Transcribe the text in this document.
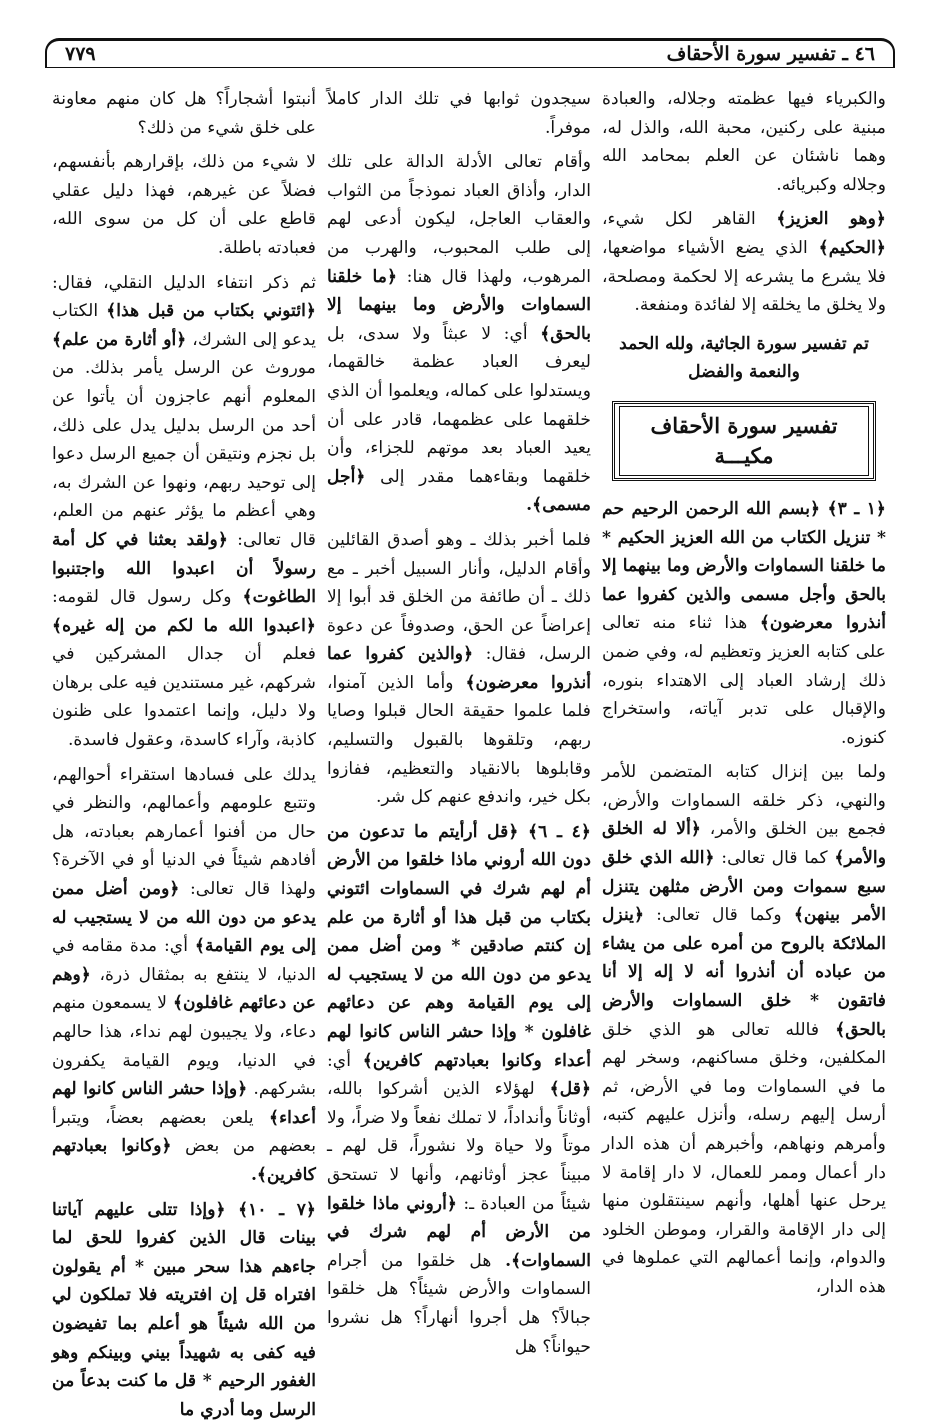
٤٦ ـ تفسير سورة الأحقاف
٧٧٩

والكبرياء فيها عظمته وجلاله، والعبادة مبنية على ركنين، محبة الله، والذل له، وهما ناشئان عن العلم بمحامد الله وجلاله وكبريائه.

﴿وهو العزيز﴾ القاهر لكل شيء، ﴿الحكيم﴾ الذي يضع الأشياء مواضعها، فلا يشرع ما يشرعه إلا لحكمة ومصلحة، ولا يخلق ما يخلقه إلا لفائدة ومنفعة.

تم تفسير سورة الجاثية، ولله الحمد والنعمة والفضل
تفسير سورة الأحقاف
مكيـــة

﴿١ ـ ٣﴾ ﴿بسم الله الرحمن الرحيم حم * تنزيل الكتاب من الله العزيز الحكيم * ما خلقنا السماوات والأرض وما بينهما إلا بالحق وأجل مسمى والذين كفروا عما أنذروا معرضون﴾ هذا ثناء منه تعالى على كتابه العزيز وتعظيم له، وفي ضمن ذلك إرشاد العباد إلى الاهتداء بنوره، والإقبال على تدبر آياته، واستخراج كنوزه.

ولما بين إنزال كتابه المتضمن للأمر والنهي، ذكر خلقه السماوات والأرض، فجمع بين الخلق والأمر، ﴿ألا له الخلق والأمر﴾ كما قال تعالى: ﴿الله الذي خلق سبع سموات ومن الأرض مثلهن يتنزل الأمر بينهن﴾ وكما قال تعالى: ﴿ينزل الملائكة بالروح من أمره على من يشاء من عباده أن أنذروا أنه لا إله إلا أنا فاتقون * خلق السماوات والأرض بالحق﴾ فالله تعالى هو الذي خلق المكلفين، وخلق مساكنهم، وسخر لهم ما في السماوات وما في الأرض، ثم أرسل إليهم رسله، وأنزل عليهم كتبه، وأمرهم ونهاهم، وأخبرهم أن هذه الدار دار أعمال وممر للعمال، لا دار إقامة لا يرحل عنها أهلها، وأنهم سينتقلون منها إلى دار الإقامة والقرار، وموطن الخلود والدوام، وإنما أعمالهم التي عملوها في هذه الدار،

سيجدون ثوابها في تلك الدار كاملاً موفراً.

وأقام تعالى الأدلة الدالة على تلك الدار، وأذاق العباد نموذجاً من الثواب والعقاب العاجل، ليكون أدعى لهم إلى طلب المحبوب، والهرب من المرهوب، ولهذا قال هنا: ﴿ما خلقنا السماوات والأرض وما بينهما إلا بالحق﴾ أي: لا عبثاً ولا سدى، بل ليعرف العباد عظمة خالقهما، ويستدلوا على كماله، ويعلموا أن الذي خلقهما على عظمهما، قادر على أن يعيد العباد بعد موتهم للجزاء، وأن خلقهما وبقاءهما مقدر إلى ﴿أجل مسمى﴾.

فلما أخبر بذلك ـ وهو أصدق القائلين وأقام الدليل، وأنار السبيل أخبر ـ مع ذلك ـ أن طائفة من الخلق قد أبوا إلا إعراضاً عن الحق، وصدوفاً عن دعوة الرسل، فقال: ﴿والذين كفروا عما أنذروا معرضون﴾ وأما الذين آمنوا، فلما علموا حقيقة الحال قبلوا وصايا ربهم، وتلقوها بالقبول والتسليم، وقابلوها بالانقياد والتعظيم، ففازوا بكل خير، واندفع عنهم كل شر.

﴿٤ ـ ٦﴾ ﴿قل أرأيتم ما تدعون من دون الله أروني ماذا خلقوا من الأرض أم لهم شرك في السماوات ائتوني بكتاب من قبل هذا أو أثارة من علم إن كنتم صادقين * ومن أضل ممن يدعو من دون الله من لا يستجيب له إلى يوم القيامة وهم عن دعائهم غافلون * وإذا حشر الناس كانوا لهم أعداء وكانوا بعبادتهم كافرين﴾ أي: ﴿قل﴾ لهؤلاء الذين أشركوا بالله، أوثاناً وأنداداً، لا تملك نفعاً ولا ضراً، ولا موتاً ولا حياة ولا نشوراً، قل لهم ـ مبيناً عجز أوثانهم، وأنها لا تستحق شيئاً من العبادة ـ: ﴿أروني ماذا خلقوا من الأرض أم لهم شرك في السماوات﴾. هل خلقوا من أجرام السماوات والأرض شيئاً؟ هل خلقوا جبالاً؟ هل أجروا أنهاراً؟ هل نشروا حيواناً؟ هل

أنبتوا أشجاراً؟ هل كان منهم معاونة على خلق شيء من ذلك؟

لا شيء من ذلك، بإقرارهم بأنفسهم، فضلاً عن غيرهم، فهذا دليل عقلي قاطع على أن كل من سوى الله، فعبادته باطلة.

ثم ذكر انتفاء الدليل النقلي، فقال: ﴿ائتوني بكتاب من قبل هذا﴾ الكتاب يدعو إلى الشرك، ﴿أو أثارة من علم﴾ موروث عن الرسل يأمر بذلك. من المعلوم أنهم عاجزون أن يأتوا عن أحد من الرسل بدليل يدل على ذلك، بل نجزم ونتيقن أن جميع الرسل دعوا إلى توحيد ربهم، ونهوا عن الشرك به، وهي أعظم ما يؤثر عنهم من العلم، قال تعالى: ﴿ولقد بعثنا في كل أمة رسولاً أن اعبدوا الله واجتنبوا الطاغوت﴾ وكل رسول قال لقومه: ﴿اعبدوا الله ما لكم من إله غيره﴾ فعلم أن جدال المشركين في شركهم، غير مستندين فيه على برهان ولا دليل، وإنما اعتمدوا على ظنون كاذبة، وآراء كاسدة، وعقول فاسدة.

يدلك على فسادها استقراء أحوالهم، وتتبع علومهم وأعمالهم، والنظر في حال من أفنوا أعمارهم بعبادته، هل أفادهم شيئاً في الدنيا أو في الآخرة؟ ولهذا قال تعالى: ﴿ومن أضل ممن يدعو من دون الله من لا يستجيب له إلى يوم القيامة﴾ أي: مدة مقامه في الدنيا، لا ينتفع به بمثقال ذرة، ﴿وهم عن دعائهم غافلون﴾ لا يسمعون منهم دعاء، ولا يجيبون لهم نداء، هذا حالهم في الدنيا، ويوم القيامة يكفرون بشركهم. ﴿وإذا حشر الناس كانوا لهم أعداء﴾ يلعن بعضهم بعضاً، ويتبرأ بعضهم من بعض ﴿وكانوا بعبادتهم كافرين﴾.

﴿٧ ـ ١٠﴾ ﴿وإذا تتلى عليهم آياتنا بينات قال الذين كفروا للحق لما جاءهم هذا سحر مبين * أم يقولون افتراه قل إن افتريته فلا تملكون لي من الله شيئاً هو أعلم بما تفيضون فيه كفى به شهيداً بيني وبينكم وهو الغفور الرحيم * قل ما كنت بدعاً من الرسل وما أدري ما
